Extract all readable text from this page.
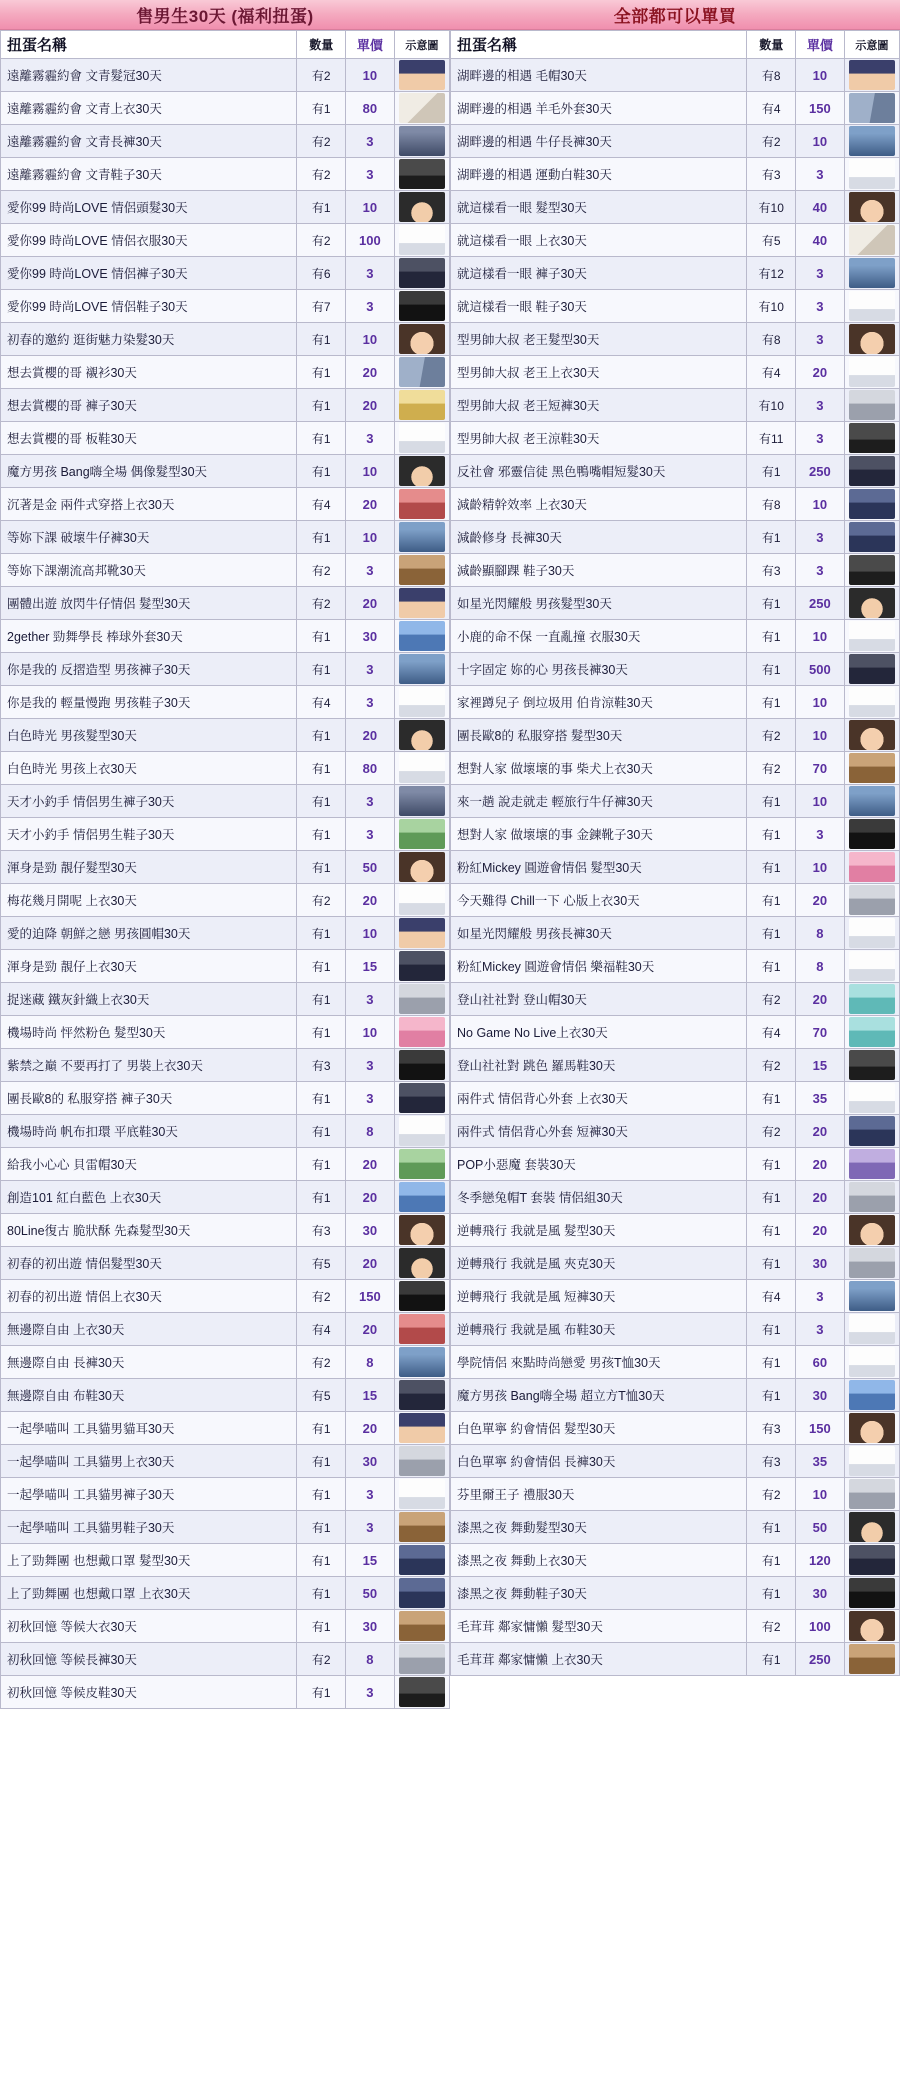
售男生30天 (福利扭蛋)	全部都可以單買
扭蛋名稱	數量	單價	示意圖
遠離霧霾約會 文青髮冠30天	有2	10	

遠離霧霾約會 文青上衣30天	有1	80	

遠離霧霾約會 文青長褲30天	有2	3	

遠離霧霾約會 文青鞋子30天	有2	3	

愛你99 時尚LOVE 情侶頭髮30天	有1	10	

愛你99 時尚LOVE 情侶衣服30天	有2	100	

愛你99 時尚LOVE 情侶褲子30天	有6	3	

愛你99 時尚LOVE 情侶鞋子30天	有7	3	

初春的邀約 逛街魅力染髮30天	有1	10	

想去賞櫻的哥 襯衫30天	有1	20	

想去賞櫻的哥 褲子30天	有1	20	

想去賞櫻的哥 板鞋30天	有1	3	

魔方男孩 Bang嗨全場 偶像髮型30天	有1	10	

沉著是金 兩件式穿搭上衣30天	有4	20	

等妳下課 破壞牛仔褲30天	有1	10	

等妳下課潮流高邦靴30天	有2	3	

團體出遊 放閃牛仔情侶 髮型30天	有2	20	

2gether 勁舞學長 棒球外套30天	有1	30	

你是我的 反摺造型 男孩褲子30天	有1	3	

你是我的 輕量慢跑 男孩鞋子30天	有4	3	

白色時光 男孩髮型30天	有1	20	

白色時光 男孩上衣30天	有1	80	

天才小釣手 情侶男生褲子30天	有1	3	

天才小釣手 情侶男生鞋子30天	有1	3	

渾身是勁 靚仔髮型30天	有1	50	

梅花幾月開呢 上衣30天	有2	20	

愛的迫降 朝鮮之戀 男孩圓帽30天	有1	10	

渾身是勁 靚仔上衣30天	有1	15	

捉迷藏 鐵灰針織上衣30天	有1	3	

機場時尚 怦然粉色 髮型30天	有1	10	

紫禁之巔 不要再打了 男裝上衣30天	有3	3	

團長歐8的 私服穿搭 褲子30天	有1	3	

機場時尚 帆布扣環 平底鞋30天	有1	8	

給我小心心 貝雷帽30天	有1	20	

創造101 紅白藍色 上衣30天	有1	20	

80Line復古 脆狀酥 先森髮型30天	有3	30	

初春的初出遊 情侶髮型30天	有5	20	

初春的初出遊 情侶上衣30天	有2	150	

無邊際自由 上衣30天	有4	20	

無邊際自由 長褲30天	有2	8	

無邊際自由 布鞋30天	有5	15	

一起學喵叫 工具貓男貓耳30天	有1	20	

一起學喵叫 工具貓男上衣30天	有1	30	

一起學喵叫 工具貓男褲子30天	有1	3	

一起學喵叫 工具貓男鞋子30天	有1	3	

上了勁舞團 也想戴口罩 髮型30天	有1	15	

上了勁舞團 也想戴口罩 上衣30天	有1	50	

初秋回憶 等候大衣30天	有1	30	

初秋回憶 等候長褲30天	有2	8	

初秋回憶 等候皮鞋30天	有1	3	
扭蛋名稱	數量	單價	示意圖
湖畔邊的相遇 毛帽30天	有8	10	

湖畔邊的相遇 羊毛外套30天	有4	150	

湖畔邊的相遇 牛仔長褲30天	有2	10	

湖畔邊的相遇 運動白鞋30天	有3	3	

就這樣看一眼 髮型30天	有10	40	

就這樣看一眼 上衣30天	有5	40	

就這樣看一眼 褲子30天	有12	3	

就這樣看一眼 鞋子30天	有10	3	

型男帥大叔 老王髮型30天	有8	3	

型男帥大叔 老王上衣30天	有4	20	

型男帥大叔 老王短褲30天	有10	3	

型男帥大叔 老王涼鞋30天	有11	3	

反社會 邪靈信徒 黑色鴨嘴帽短髮30天	有1	250	

減齡精幹效率 上衣30天	有8	10	

減齡修身 長褲30天	有1	3	

減齡顯腳踝 鞋子30天	有3	3	

如星光閃耀般 男孩髮型30天	有1	250	

小鹿的命不保 一直亂撞 衣服30天	有1	10	

十字固定 妳的心 男孩長褲30天	有1	500	

家裡蹲兒子 倒垃圾用 伯肯涼鞋30天	有1	10	

團長歐8的 私服穿搭 髮型30天	有2	10	

想對人家 做壞壞的事 柴犬上衣30天	有2	70	

來一趟 說走就走 輕旅行牛仔褲30天	有1	10	

想對人家 做壞壞的事 金鍊靴子30天	有1	3	

粉紅Mickey 圓遊會情侶 髮型30天	有1	10	

今天難得 Chill一下 心版上衣30天	有1	20	

如星光閃耀般 男孩長褲30天	有1	8	

粉紅Mickey 圓遊會情侶 樂福鞋30天	有1	8	

登山社社對 登山帽30天	有2	20	

No Game No Live上衣30天	有4	70	

登山社社對 跳色 羅馬鞋30天	有2	15	

兩件式 情侶背心外套 上衣30天	有1	35	

兩件式 情侶背心外套 短褲30天	有2	20	

POP小惡魔 套裝30天	有1	20	

冬季戀兔帽T 套裝 情侶組30天	有1	20	

逆轉飛行 我就是風 髮型30天	有1	20	

逆轉飛行 我就是風 夾克30天	有1	30	

逆轉飛行 我就是風 短褲30天	有4	3	

逆轉飛行 我就是風 布鞋30天	有1	3	

學院情侶 來點時尚戀愛 男孩T恤30天	有1	60	

魔方男孩 Bang嗨全場 超立方T恤30天	有1	30	

白色單寧 約會情侶 髮型30天	有3	150	

白色單寧 約會情侶 長褲30天	有3	35	

芬里爾王子 禮服30天	有2	10	

漆黑之夜 舞動髮型30天	有1	50	

漆黑之夜 舞動上衣30天	有1	120	

漆黑之夜 舞動鞋子30天	有1	30	

毛茸茸 鄰家慵懶 髮型30天	有2	100	

毛茸茸 鄰家慵懶 上衣30天	有1	250	
